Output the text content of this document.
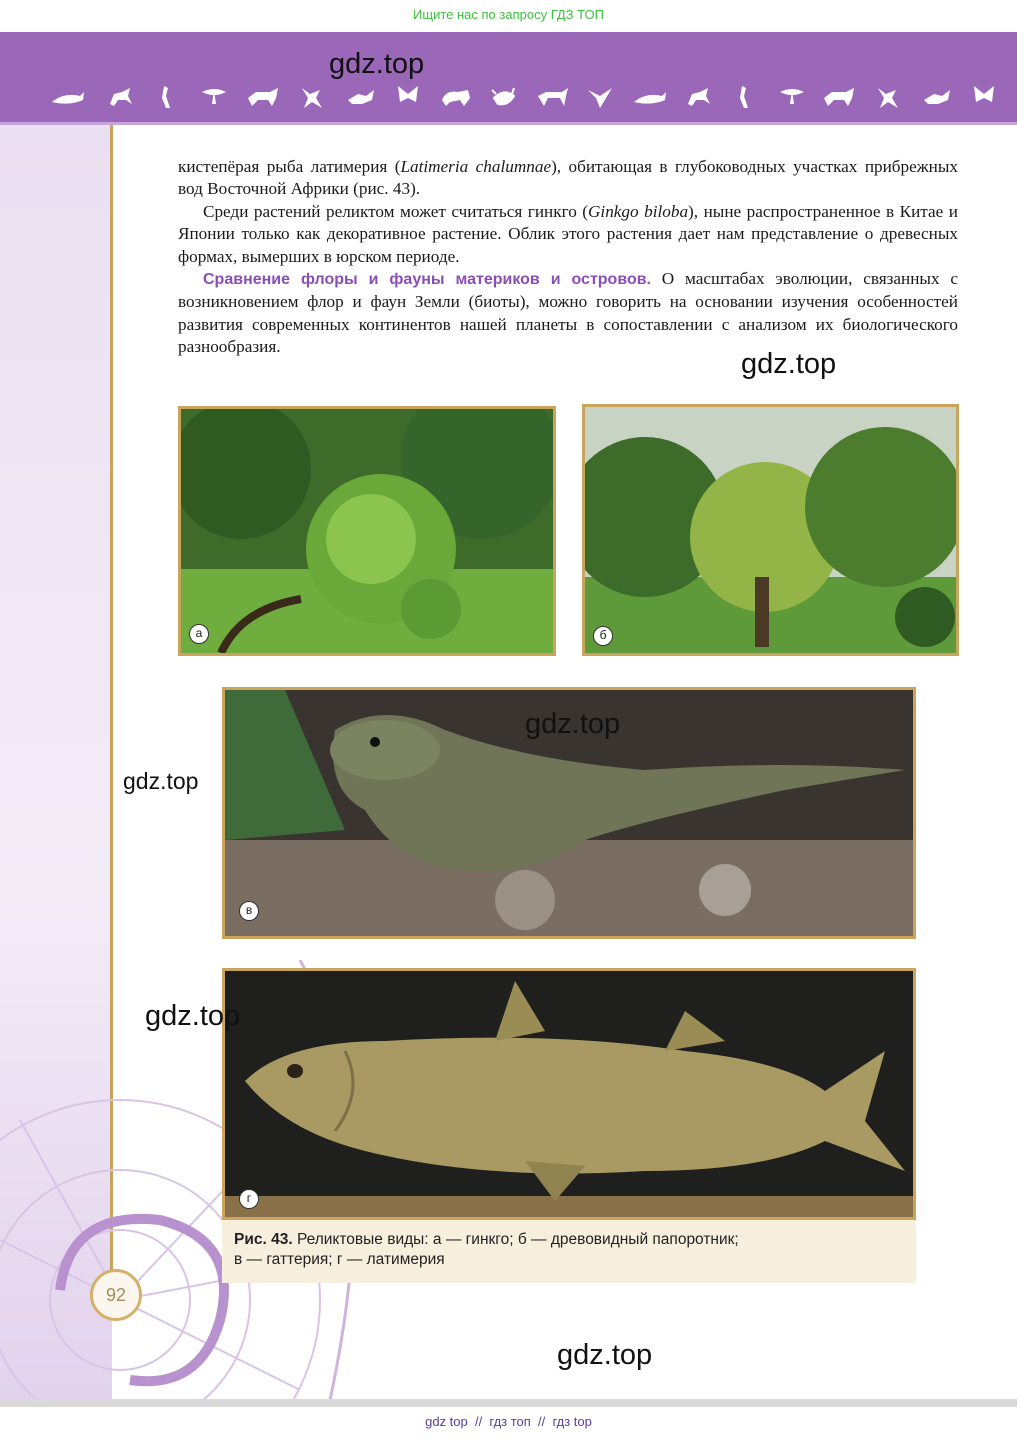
Ищите нас по запросу ГДЗ ТОП
gdz.top

кистепёрая рыба латимерия (Latimeria chalumnae), обитающая в глубоководных участках прибрежных вод Восточной Африки (рис. 43).

Среди растений реликтом может считаться гинкго (Ginkgo biloba), ныне распространенное в Китае и Японии только как декоративное растение. Облик этого растения дает нам представление о древесных формах, вымерших в юрском периоде.

Сравнение флоры и фауны материков и островов. О масштабах эволюции, связанных с возникновением флор и фаун Земли (биоты), можно говорить на основании изучения особенностей развития современных континентов нашей планеты в сопоставлении с анализом их биологического разнообразия.

gdz.top
а	б
в
г
gdz.top
gdz.top
gdz.top
Рис. 43. Реликтовые виды: а — гинкго; б — древовидный папоротник;
в — гаттерия; г — латимерия
92
gdz.top
gdz top  //  гдз топ  //  гдз top
